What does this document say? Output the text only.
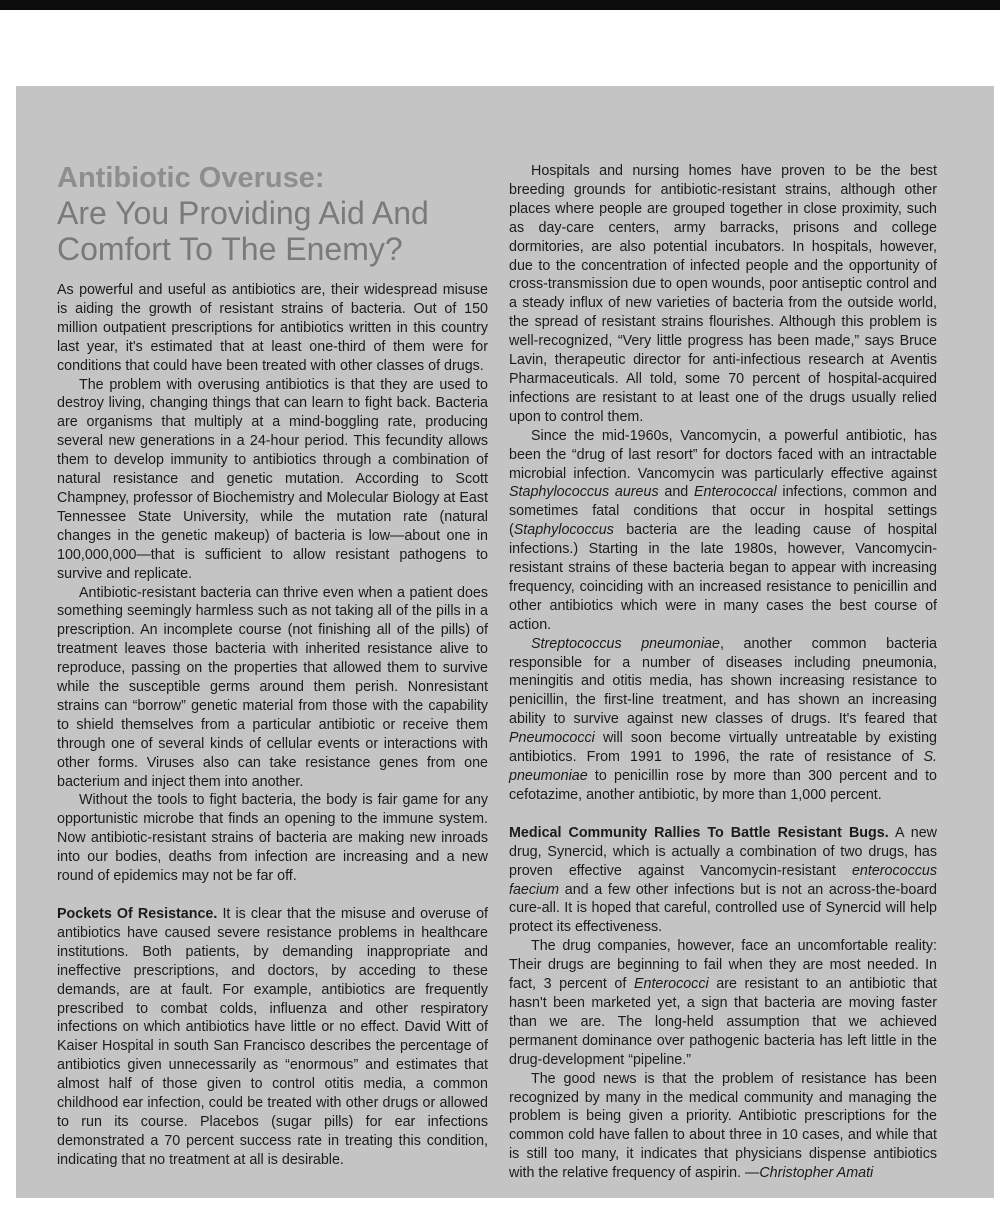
Antibiotic Overuse:
Are You Providing Aid And
Comfort To The Enemy?

As powerful and useful as antibiotics are, their widespread misuse is aiding the growth of resistant strains of bacteria. Out of 150 million outpatient prescriptions for antibiotics written in this country last year, it's estimated that at least one-third of them were for conditions that could have been treated with other classes of drugs.

The problem with overusing antibiotics is that they are used to destroy living, changing things that can learn to fight back. Bacteria are organisms that multiply at a mind-boggling rate, producing several new generations in a 24-hour period. This fecundity allows them to develop immunity to antibiotics through a combination of natural resistance and genetic mutation. According to Scott Champney, professor of Biochemistry and Molecular Biology at East Tennessee State University, while the mutation rate (natural changes in the genetic makeup) of bacteria is low—about one in 100,000,000—that is sufficient to allow resistant pathogens to survive and replicate.

Antibiotic-resistant bacteria can thrive even when a patient does something seemingly harmless such as not taking all of the pills in a prescription. An incomplete course (not finishing all of the pills) of treatment leaves those bacteria with inherited resistance alive to reproduce, passing on the properties that allowed them to survive while the susceptible germs around them perish. Nonresistant strains can “borrow” genetic material from those with the capability to shield themselves from a particular antibiotic or receive them through one of several kinds of cellular events or interactions with other forms. Viruses also can take resistance genes from one bacterium and inject them into another.

Without the tools to fight bacteria, the body is fair game for any opportunistic microbe that finds an opening to the immune system. Now antibiotic-resistant strains of bacteria are making new inroads into our bodies, deaths from infection are increasing and a new round of epidemics may not be far off.

Pockets Of Resistance. It is clear that the misuse and overuse of antibiotics have caused severe resistance problems in healthcare institutions. Both patients, by demanding inappropriate and ineffective prescriptions, and doctors, by acceding to these demands, are at fault. For example, antibiotics are frequently prescribed to combat colds, influenza and other respiratory infections on which antibiotics have little or no effect. David Witt of Kaiser Hospital in south San Francisco describes the percentage of antibiotics given unnecessarily as “enormous” and estimates that almost half of those given to control otitis media, a common childhood ear infection, could be treated with other drugs or allowed to run its course. Placebos (sugar pills) for ear infections demonstrated a 70 percent success rate in treating this condition, indicating that no treatment at all is desirable.

Hospitals and nursing homes have proven to be the best breeding grounds for antibiotic-resistant strains, although other places where people are grouped together in close proximity, such as day-care centers, army barracks, prisons and college dormitories, are also potential incubators. In hospitals, however, due to the concentration of infected people and the opportunity of cross-transmission due to open wounds, poor antiseptic control and a steady influx of new varieties of bacteria from the outside world, the spread of resistant strains flourishes. Although this problem is well-recognized, “Very little progress has been made,” says Bruce Lavin, therapeutic director for anti-infectious research at Aventis Pharmaceuticals. All told, some 70 percent of hospital-acquired infections are resistant to at least one of the drugs usually relied upon to control them.

Since the mid-1960s, Vancomycin, a powerful antibiotic, has been the “drug of last resort” for doctors faced with an intractable microbial infection. Vancomycin was particularly effective against Staphylococcus aureus and Enterococcal infections, common and sometimes fatal conditions that occur in hospital settings (Staphylococcus bacteria are the leading cause of hospital infections.) Starting in the late 1980s, however, Vancomycin-resistant strains of these bacteria began to appear with increasing frequency, coinciding with an increased resistance to penicillin and other antibiotics which were in many cases the best course of action.

Streptococcus pneumoniae, another common bacteria responsible for a number of diseases including pneumonia, meningitis and otitis media, has shown increasing resistance to penicillin, the first-line treatment, and has shown an increasing ability to survive against new classes of drugs. It's feared that Pneumococci will soon become virtually untreatable by existing antibiotics. From 1991 to 1996, the rate of resistance of S. pneumoniae to penicillin rose by more than 300 percent and to cefotazime, another antibiotic, by more than 1,000 percent.

Medical Community Rallies To Battle Resistant Bugs. A new drug, Synercid, which is actually a combination of two drugs, has proven effective against Vancomycin-resistant enterococcus faecium and a few other infections but is not an across-the-board cure-all. It is hoped that careful, controlled use of Synercid will help protect its effectiveness.

The drug companies, however, face an uncomfortable reality: Their drugs are beginning to fail when they are most needed. In fact, 3 percent of Enterococci are resistant to an antibiotic that hasn't been marketed yet, a sign that bacteria are moving faster than we are. The long-held assumption that we achieved permanent dominance over pathogenic bacteria has left little in the drug-development “pipeline.”

The good news is that the problem of resistance has been recognized by many in the medical community and managing the problem is being given a priority. Antibiotic prescriptions for the common cold have fallen to about three in 10 cases, and while that is still too many, it indicates that physicians dispense antibiotics with the relative frequency of aspirin. —Christopher Amati
